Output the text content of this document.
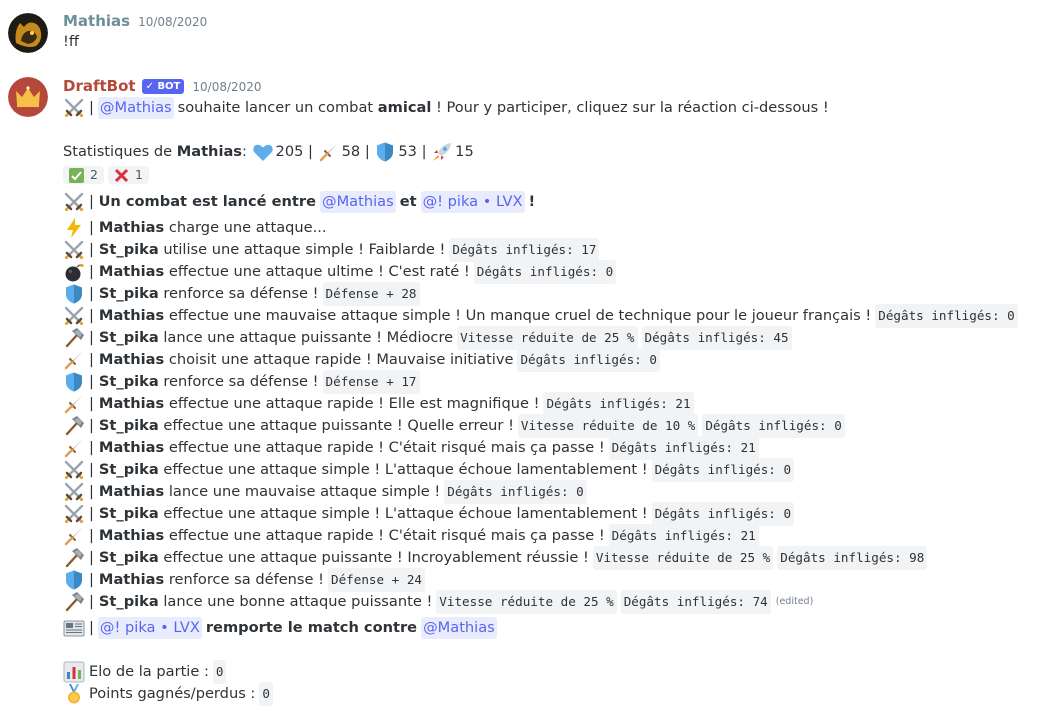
Mathias 10/08/2020
!ff
DraftBot	✓ BOT	10/08/2020
| @Mathias souhaite lancer un combat
amical
! Pour y participer, cliquez sur la réaction ci-dessous !
Statistiques de
Mathias :
205 |
58 |
53 |
15
2	1
|
Un combat est lancé entre @Mathias et @! pika • LVX !
| Mathias
charge une attaque...
| St_pika
utilise une attaque simple ! Faiblarde ! Dégâts infligés: 17
| Mathias
effectue une attaque ultime ! C'est raté ! Dégâts infligés: 0
| St_pika
renforce sa défense ! Défense + 28
| Mathias
effectue une mauvaise attaque simple ! Un manque cruel de technique pour le joueur français ! Dégâts infligés: 0
| St_pika
lance une attaque puissante ! Médiocre Vitesse réduite de 25 % Dégâts infligés: 45
| Mathias
choisit une attaque rapide ! Mauvaise initiative Dégâts infligés: 0
| St_pika
renforce sa défense ! Défense + 17
| Mathias
effectue une attaque rapide ! Elle est magnifique ! Dégâts infligés: 21
| St_pika
effectue une attaque puissante ! Quelle erreur ! Vitesse réduite de 10 % Dégâts infligés: 0
| Mathias
effectue une attaque rapide ! C'était risqué mais ça passe ! Dégâts infligés: 21
| St_pika
effectue une attaque simple ! L'attaque échoue lamentablement ! Dégâts infligés: 0
| Mathias
lance une mauvaise attaque simple ! Dégâts infligés: 0
| St_pika
effectue une attaque simple ! L'attaque échoue lamentablement ! Dégâts infligés: 0
| Mathias
effectue une attaque rapide ! C'était risqué mais ça passe ! Dégâts infligés: 21
| St_pika
effectue une attaque puissante ! Incroyablement réussie ! Vitesse réduite de 25 % Dégâts infligés: 98
| Mathias
renforce sa défense ! Défense + 24
| St_pika
lance une bonne attaque puissante ! Vitesse réduite de 25 % Dégâts infligés: 74 (edited)
| @! pika • LVX remporte le match contre @Mathias
Elo de la partie : 0
Points gagnés/perdus : 0
